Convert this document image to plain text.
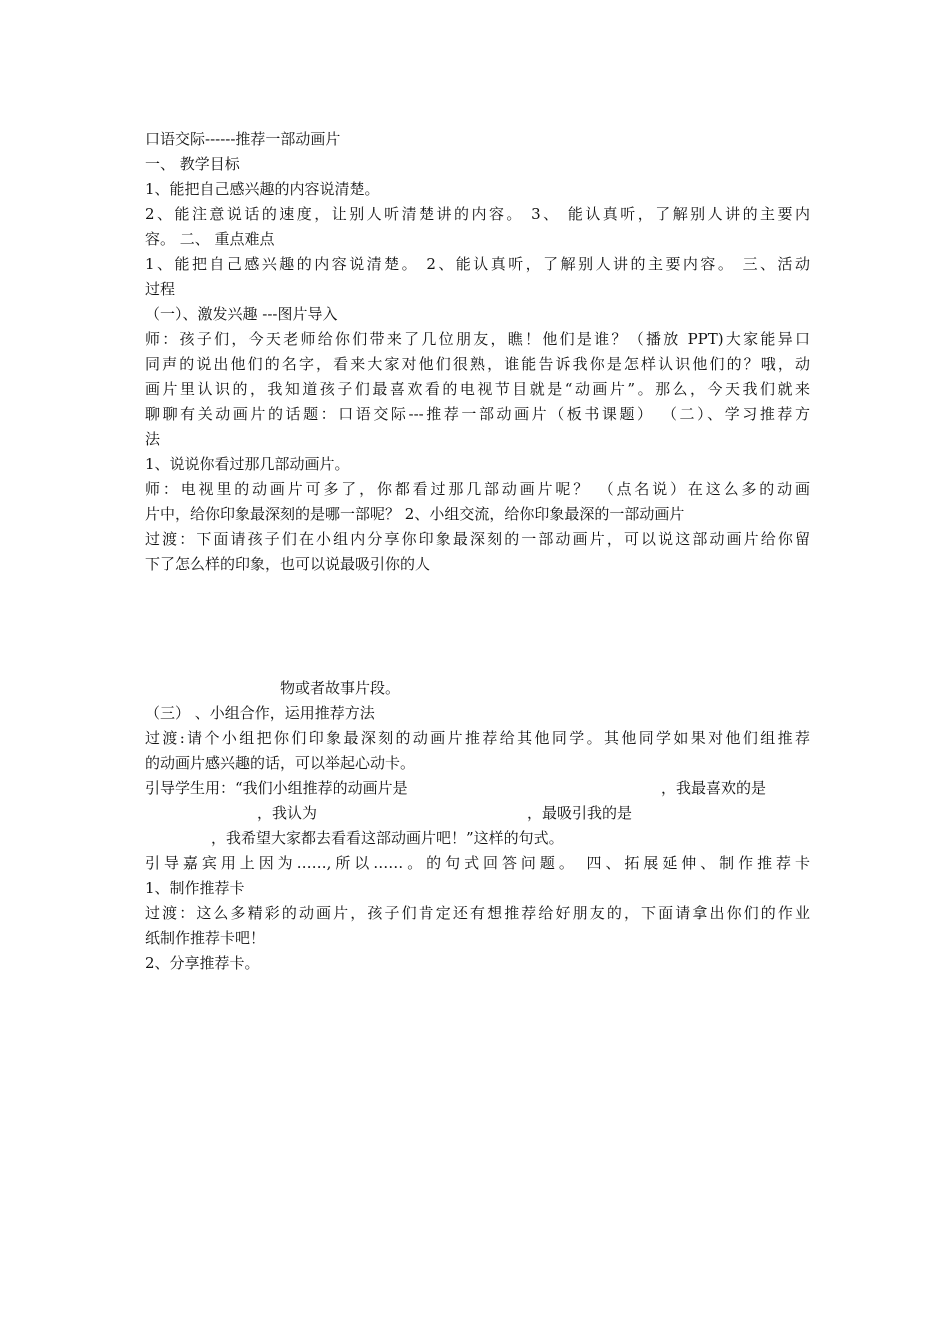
口语交际------推荐一部动画片
一、 教学目标
1、能把自己感兴趣的内容说清楚。
2、能注意说话的速度，让别人听清楚讲的内容。 3、 能认真听，了解别人讲的主要内
容。 二、 重点难点
1、能把自己感兴趣的内容说清楚。 2、能认真听，了解别人讲的主要内容。 三、活动
过程
（一）、激发兴趣 ---图片导入
师：孩子们，今天老师给你们带来了几位朋友，瞧！他们是谁？（播放 PPT)大家能异口
同声的说出他们的名字，看来大家对他们很熟，谁能告诉我你是怎样认识他们的？哦，动
画片里认识的，我知道孩子们最喜欢看的电视节目就是“动画片”。那么，今天我们就来
聊聊有关动画片的话题：口语交际---推荐一部动画片（板书课题） （二）、学习推荐方
法
1、说说你看过那几部动画片。
师：电视里的动画片可多了，你都看过那几部动画片呢？ （点名说）在这么多的动画
片中，给你印象最深刻的是哪一部呢？ 2、小组交流，给你印象最深的一部动画片
过渡：下面请孩子们在小组内分享你印象最深刻的一部动画片，可以说这部动画片给你留
下了怎么样的印象，也可以说最吸引你的人
物或者故事片段。
（三） 、小组合作，运用推荐方法
过渡:请个小组把你们印象最深刻的动画片推荐给其他同学。其他同学如果对他们组推荐
的动画片感兴趣的话，可以举起心动卡。
引导学生用：“我们小组推荐的动画片是	，我最喜欢的是
，我认为	，最吸引我的是
，我希望大家都去看看这部动画片吧！”这样的句式。
引导嘉宾用上因为……,所以……。的句式回答问题。 四、拓展延伸、制作推荐卡
1、制作推荐卡
过渡：这么多精彩的动画片，孩子们肯定还有想推荐给好朋友的，下面请拿出你们的作业
纸制作推荐卡吧！
2、分享推荐卡。
